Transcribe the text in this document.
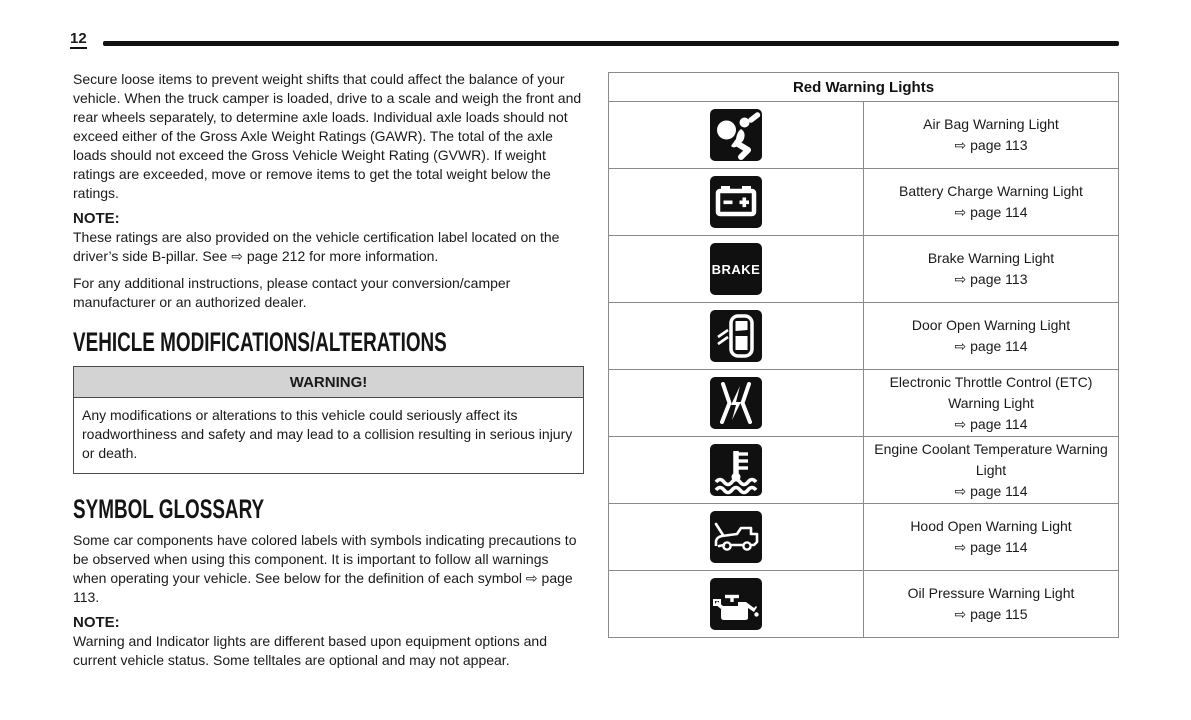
12

Secure loose items to prevent weight shifts that could affect the balance of your vehicle. When the truck camper is loaded, drive to a scale and weigh the front and rear wheels separately, to determine axle loads. Individual axle loads should not exceed either of the Gross Axle Weight Ratings (GAWR). The total of the axle loads should not exceed the Gross Vehicle Weight Rating (GVWR). If weight ratings are exceeded, move or remove items to get the total weight below the ratings.

NOTE:

These ratings are also provided on the vehicle certification label located on the driver’s side B-pillar. See ⇨ page 212 for more information.

For any additional instructions, please contact your conversion/camper manufacturer or an authorized dealer.

VEHICLE MODIFICATIONS/ALTERATIONS
WARNING!
Any modifications or alterations to this vehicle could seriously affect its roadworthiness and safety and may lead to a collision resulting in serious injury or death.
SYMBOL GLOSSARY

Some car components have colored labels with symbols indicating precautions to be observed when using this component. It is important to follow all warnings when operating your vehicle. See below for the definition of each symbol ⇨ page 113.

NOTE:

Warning and Indicator lights are different based upon equipment options and current vehicle status. Some telltales are optional and may not appear.

Red Warning Lights	

Air Bag Warning Light
⇨ page 113

Battery Charge Warning Light
⇨ page 114

BRAKE	Brake Warning Light
⇨ page 113

Door Open Warning Light
⇨ page 114

Electronic Throttle Control (ETC) Warning Light
⇨ page 114

Engine Coolant Temperature Warning Light
⇨ page 114

Hood Open Warning Light
⇨ page 114

Oil Pressure Warning Light
⇨ page 115
